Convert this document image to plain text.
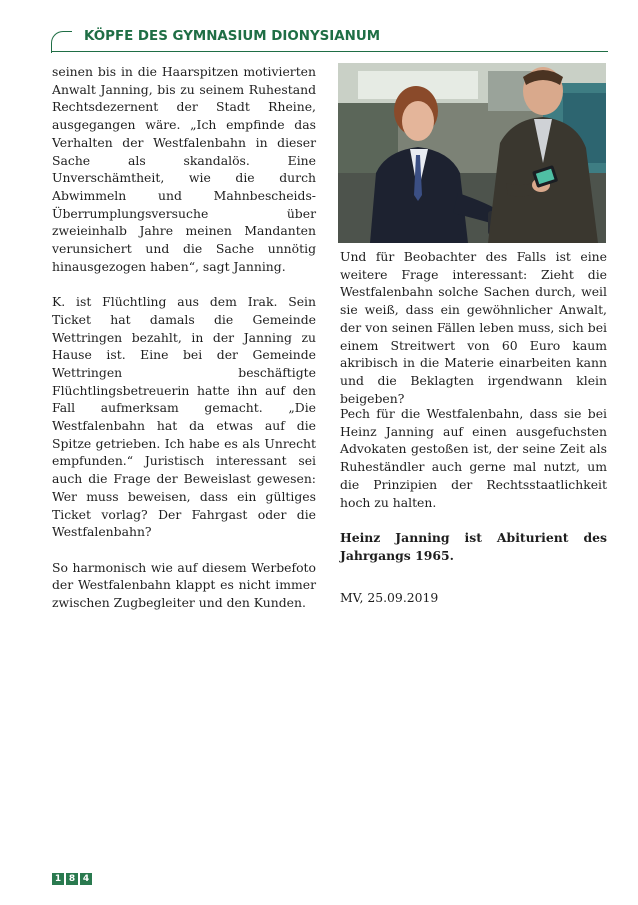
KÖPFE DES GYMNASIUM DIONYSIANUM

seinen bis in die Haarspitzen motivierten Anwalt Janning, bis zu seinem Ruhestand Rechtsdezernent der Stadt Rheine, ausgegangen wäre. „Ich empfinde das Verhalten der Westfalenbahn in dieser Sache als skandalös. Eine Unverschämtheit, wie die durch Abwimmeln und Mahnbescheids-Überrumplungsversuche über zweieinhalb Jahre meinen Mandanten verunsichert und die Sache unnötig hinausgezogen haben“, sagt Janning.

K. ist Flüchtling aus dem Irak. Sein Ticket hat damals die Gemeinde Wettringen bezahlt, in der Janning zu Hause ist. Eine bei der Gemeinde Wettringen beschäftigte Flüchtlingsbetreuerin hatte ihn auf den Fall aufmerksam gemacht. „Die Westfalenbahn hat da etwas auf die Spitze getrieben. Ich habe es als Unrecht empfunden.“ Juristisch interessant sei auch die Frage der Beweislast gewesen: Wer muss beweisen, dass ein gültiges Ticket vorlag? Der Fahrgast oder die Westfalenbahn?

So harmonisch wie auf diesem Werbefoto der Westfalenbahn klappt es nicht immer zwischen Zugbegleiter und den Kunden.

Und für Beobachter des Falls ist eine weitere Frage interessant: Zieht die Westfalenbahn solche Sachen durch, weil sie weiß, dass ein gewöhnlicher Anwalt, der von seinen Fällen leben muss, sich bei einem Streitwert von 60 Euro kaum akribisch in die Materie einarbeiten kann und die Beklagten irgendwann klein beigeben?

Pech für die Westfalenbahn, dass sie bei Heinz Janning auf einen ausgefuchsten Advokaten gestoßen ist, der seine Zeit als Ruheständler auch gerne mal nutzt, um die Prinzipien der Rechtsstaatlichkeit hoch zu halten.

Heinz Janning ist Abiturient des Jahrgangs 1965.

MV, 25.09.2019

1 8 4
